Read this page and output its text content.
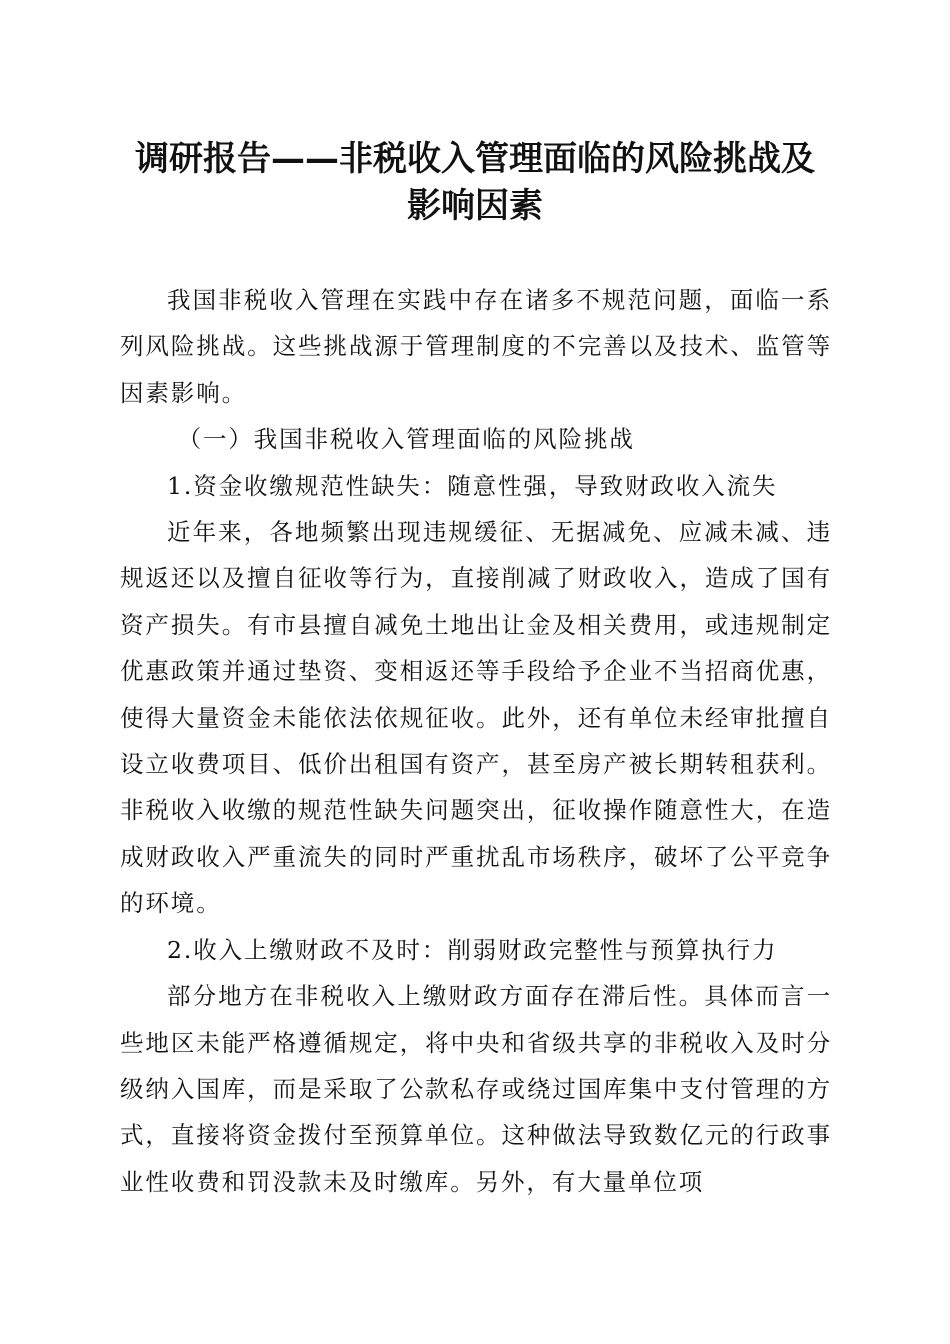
调研报告——非税收入管理面临的风险挑战及
影响因素

我国非税收入管理在实践中存在诸多不规范问题，面临一系列风险挑战。这些挑战源于管理制度的不完善以及技术、监管等因素影响。

（一）我国非税收入管理面临的风险挑战

1.资金收缴规范性缺失：随意性强，导致财政收入流失

近年来，各地频繁出现违规缓征、无据减免、应减未减、违规返还以及擅自征收等行为，直接削减了财政收入，造成了国有资产损失。有市县擅自减免土地出让金及相关费用，或违规制定优惠政策并通过垫资、变相返还等手段给予企业不当招商优惠，使得大量资金未能依法依规征收。此外，还有单位未经审批擅自设立收费项目、低价出租国有资产，甚至房产被长期转租获利。非税收入收缴的规范性缺失问题突出，征收操作随意性大，在造成财政收入严重流失的同时严重扰乱市场秩序，破坏了公平竞争的环境。

2.收入上缴财政不及时：削弱财政完整性与预算执行力

部分地方在非税收入上缴财政方面存在滞后性。具体而言一些地区未能严格遵循规定，将中央和省级共享的非税收入及时分级纳入国库，而是采取了公款私存或绕过国库集中支付管理的方式，直接将资金拨付至预算单位。这种做法导致数亿元的行政事业性收费和罚没款未及时缴库。另外，有大量单位项
